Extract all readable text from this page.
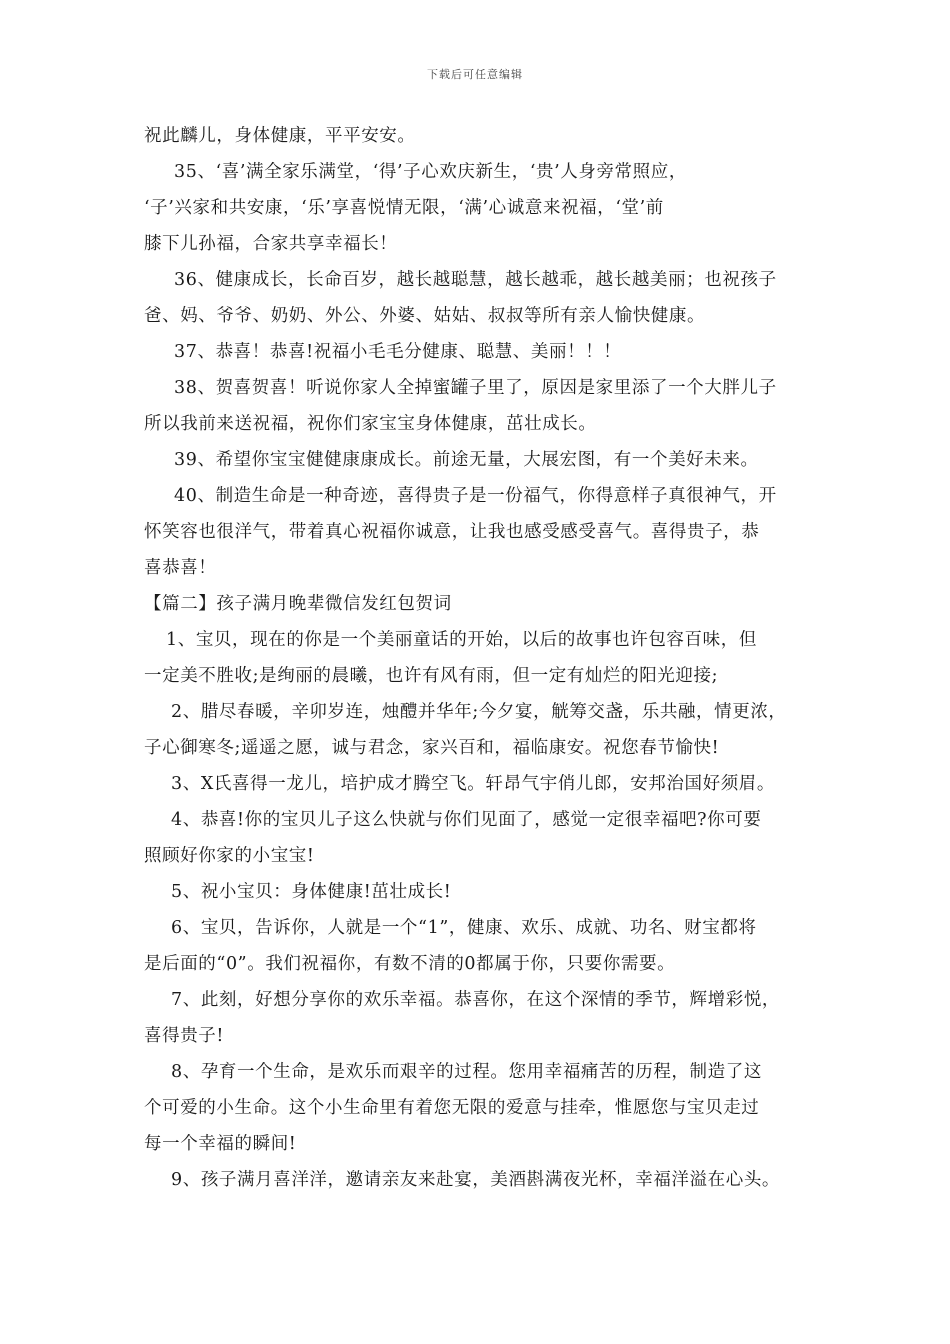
下载后可任意编辑
祝此麟儿，身体健康，平平安安。
35、‘喜’满全家乐满堂，‘得’子心欢庆新生，‘贵’人身旁常照应，
‘子’兴家和共安康，‘乐’享喜悦情无限，‘满’心诚意来祝福，‘堂’前
膝下儿孙福，合家共享幸福长！
36、健康成长，长命百岁，越长越聪慧，越长越乖，越长越美丽；也祝孩子
爸、妈、爷爷、奶奶、外公、外婆、姑姑、叔叔等所有亲人愉快健康。
37、恭喜！恭喜!祝福小毛毛分健康、聪慧、美丽！！！
38、贺喜贺喜！听说你家人全掉蜜罐子里了，原因是家里添了一个大胖儿子
所以我前来送祝福，祝你们家宝宝身体健康，茁壮成长。
39、希望你宝宝健健康康成长。前途无量，大展宏图，有一个美好未来。
40、制造生命是一种奇迹，喜得贵子是一份福气，你得意样子真很神气，开
怀笑容也很洋气，带着真心祝福你诚意，让我也感受感受喜气。喜得贵子，恭
喜恭喜！
【篇二】孩子满月晚辈微信发红包贺词
1、宝贝，现在的你是一个美丽童话的开始，以后的故事也许包容百味，但
一定美不胜收;是绚丽的晨曦，也许有风有雨，但一定有灿烂的阳光迎接;
2、腊尽春暖，辛卯岁连，烛醴并华年;今夕宴，觥筹交盏，乐共融，情更浓，
子心御寒冬;遥遥之愿，诚与君念，家兴百和，福临康安。祝您春节愉快!
3、X氏喜得一龙儿，培护成才腾空飞。轩昂气宇俏儿郎，安邦治国好须眉。
4、恭喜!你的宝贝儿子这么快就与你们见面了，感觉一定很幸福吧?你可要
照顾好你家的小宝宝!
5、祝小宝贝：身体健康!茁壮成长!
6、宝贝，告诉你，人就是一个“1”，健康、欢乐、成就、功名、财宝都将
是后面的“0”。我们祝福你，有数不清的0都属于你，只要你需要。
7、此刻，好想分享你的欢乐幸福。恭喜你，在这个深情的季节，辉增彩悦，
喜得贵子!
8、孕育一个生命，是欢乐而艰辛的过程。您用幸福痛苦的历程，制造了这
个可爱的小生命。这个小生命里有着您无限的爱意与挂牵，惟愿您与宝贝走过
每一个幸福的瞬间!
9、孩子满月喜洋洋，邀请亲友来赴宴，美酒斟满夜光杯，幸福洋溢在心头。
